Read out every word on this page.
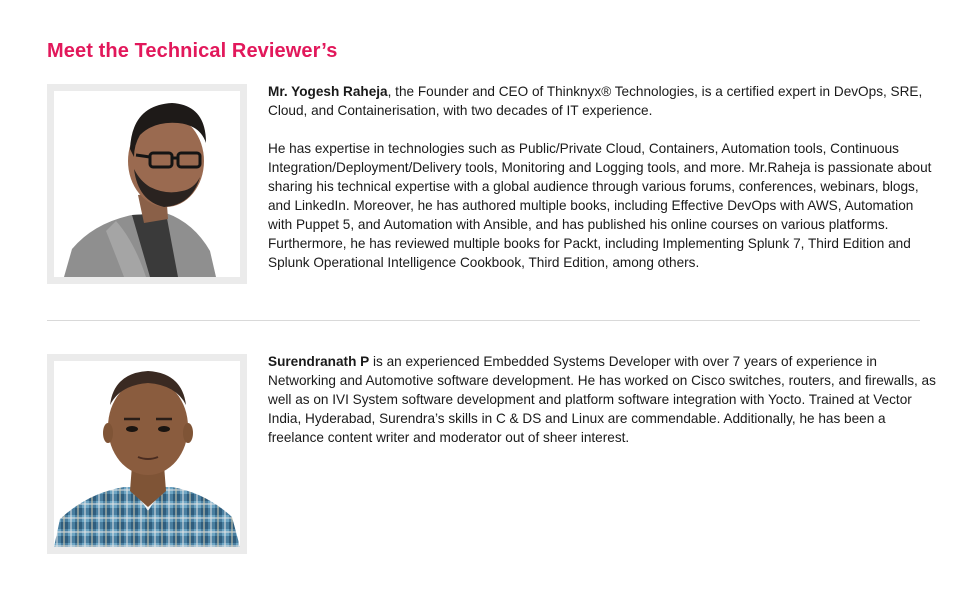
Meet the Technical Reviewer’s

Mr. Yogesh Raheja, the Founder and CEO of Thinknyx® Technologies, is a certified expert in DevOps, SRE, Cloud, and Containerisation, with two decades of IT experience.

He has expertise in technologies such as Public/Private Cloud, Containers, Automation tools, Continuous Integration/Deployment/Delivery tools, Monitoring and Logging tools, and more. Mr.Raheja is passionate about sharing his technical expertise with a global audience through various forums, conferences, webinars, blogs, and LinkedIn. Moreover, he has authored multiple books, including Effective DevOps with AWS, Automation with Puppet 5, and Automation with Ansible, and has published his online courses on various platforms. Furthermore, he has reviewed multiple books for Packt, including Implementing Splunk 7, Third Edition and Splunk Operational Intelligence Cookbook, Third Edition, among others.

Surendranath P is an experienced Embedded Systems Developer with over 7 years of experience in Networking and Automotive software development. He has worked on Cisco switches, routers, and firewalls, as well as on IVI System software development and platform software integration with Yocto. Trained at Vector India, Hyderabad, Surendra’s skills in C & DS and Linux are commendable. Additionally, he has been a freelance content writer and moderator out of sheer interest.
